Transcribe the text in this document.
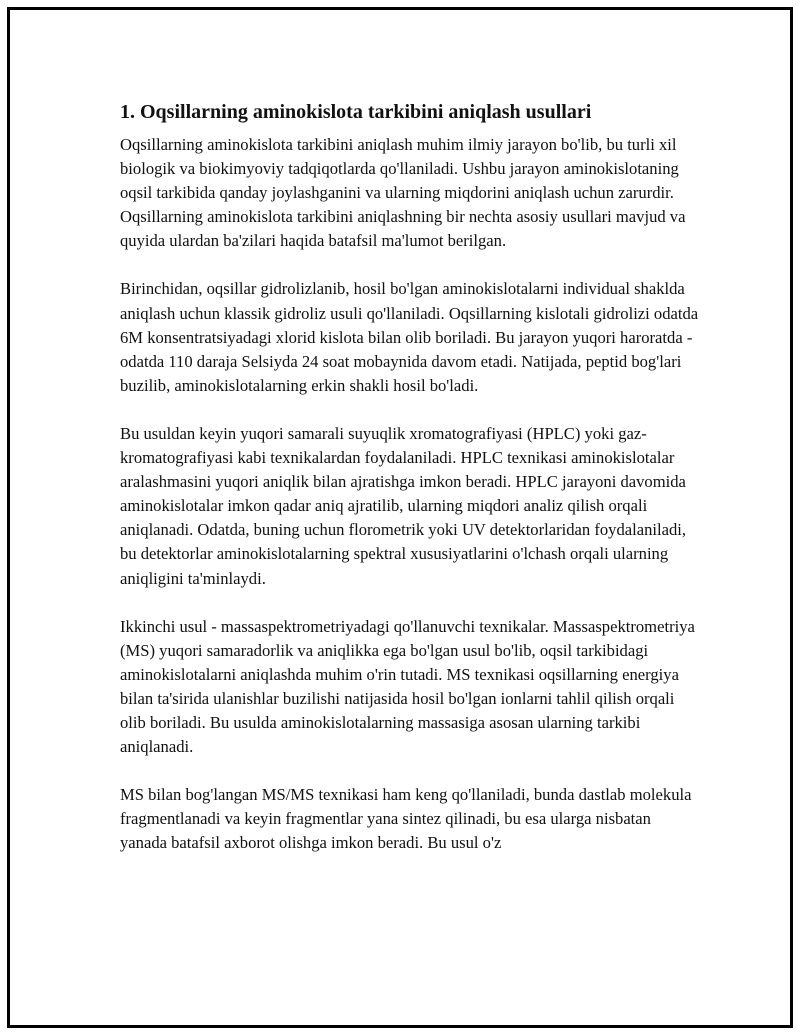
1. Oqsillarning aminokislota tarkibini aniqlash usullari

Oqsillarning aminokislota tarkibini aniqlash muhim ilmiy jarayon bo'lib, bu turli xil biologik va biokimyoviy tadqiqotlarda qo'llaniladi. Ushbu jarayon aminokislotaning oqsil tarkibida qanday joylashganini va ularning miqdorini aniqlash uchun zarurdir. Oqsillarning aminokislota tarkibini aniqlashning bir nechta asosiy usullari mavjud va quyida ulardan ba'zilari haqida batafsil ma'lumot berilgan.

Birinchidan, oqsillar gidrolizlanib, hosil bo'lgan aminokislotalarni individual shaklda aniqlash uchun klassik gidroliz usuli qo'llaniladi. Oqsillarning kislotali gidrolizi odatda 6M konsentratsiyadagi xlorid kislota bilan olib boriladi. Bu jarayon yuqori haroratda - odatda 110 daraja Selsiyda 24 soat mobaynida davom etadi. Natijada, peptid bog'lari buzilib, aminokislotalarning erkin shakli hosil bo'ladi.

Bu usuldan keyin yuqori samarali suyuqlik xromatografiyasi (HPLC) yoki gaz-kromatografiyasi kabi texnikalardan foydalaniladi. HPLC texnikasi aminokislotalar aralashmasini yuqori aniqlik bilan ajratishga imkon beradi. HPLC jarayoni davomida aminokislotalar imkon qadar aniq ajratilib, ularning miqdori analiz qilish orqali aniqlanadi. Odatda, buning uchun florometrik yoki UV detektorlaridan foydalaniladi, bu detektorlar aminokislotalarning spektral xususiyatlarini o'lchash orqali ularning aniqligini ta'minlaydi.

Ikkinchi usul - massaspektrometriyadagi qo'llanuvchi texnikalar. Massaspektrometriya (MS) yuqori samaradorlik va aniqlikka ega bo'lgan usul bo'lib, oqsil tarkibidagi aminokislotalarni aniqlashda muhim o'rin tutadi. MS texnikasi oqsillarning energiya bilan ta'sirida ulanishlar buzilishi natijasida hosil bo'lgan ionlarni tahlil qilish orqali olib boriladi. Bu usulda aminokislotalarning massasiga asosan ularning tarkibi aniqlanadi.

MS bilan bog'langan MS/MS texnikasi ham keng qo'llaniladi, bunda dastlab molekula fragmentlanadi va keyin fragmentlar yana sintez qilinadi, bu esa ularga nisbatan yanada batafsil axborot olishga imkon beradi. Bu usul o'z
